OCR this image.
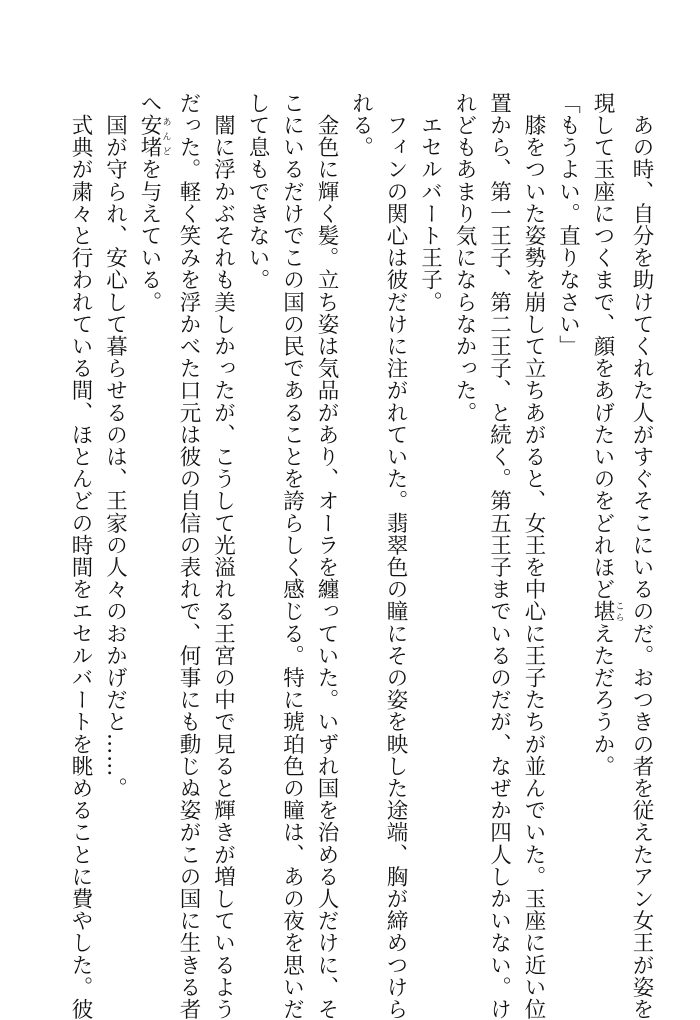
　あの時、自分を助けてくれた人がすぐそこにいるのだ。おつきの者を従えたアン女王が姿を
現して玉座につくまで、顔をあげたいのをどれほど堪こらえただろうか。
「もうよい。直りなさい」
　膝をついた姿勢を崩して立ちあがると、女王を中心に王子たちが並んでいた。玉座に近い位
置から、第一王子、第二王子、と続く。第五王子までいるのだが、なぜか四人しかいない。け
れどもあまり気にならなかった。
　エセルバート王子。
　フィンの関心は彼だけに注がれていた。翡翠色の瞳にその姿を映した途端、胸が締めつけら
れる。
　金色に輝く髪。立ち姿は気品があり、オーラを纏っていた。いずれ国を治める人だけに、そ
こにいるだけでこの国の民であることを誇らしく感じる。特に琥珀色の瞳は、あの夜を思いだ
して息もできない。
　闇に浮かぶそれも美しかったが、こうして光溢れる王宮の中で見ると輝きが増しているよう
だった。軽く笑みを浮かべた口元は彼の自信の表れで、何事にも動じぬ姿がこの国に生きる者
へ安堵あんどを与えている。
　国が守られ、安心して暮らせるのは、王家の人々のおかげだと……。
　式典が粛々と行われている間、ほとんどの時間をエセルバートを眺めることに費やした。彼
